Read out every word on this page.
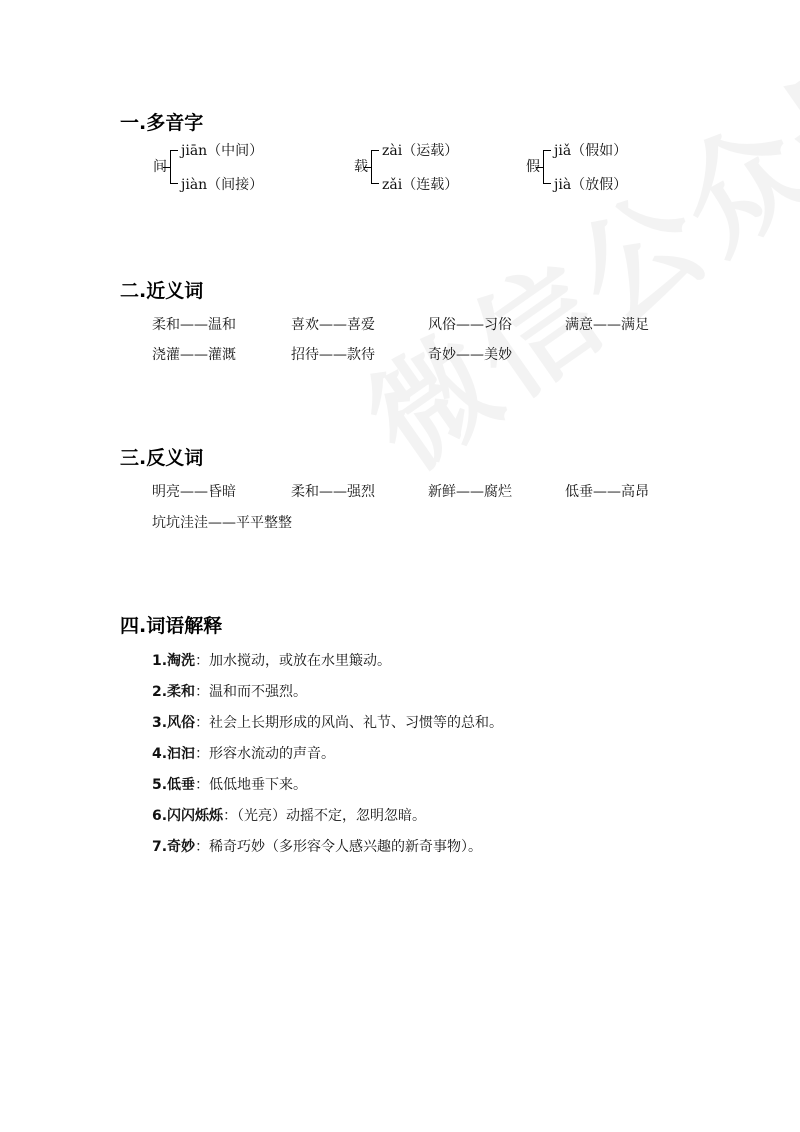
一.多音字
间
jiān（中间）
jiàn（间接）
载
zài（运载）
zǎi（连载）
假
jiǎ（假如）
jià（放假）
二.近义词
柔和——温和	喜欢——喜爱	风俗——习俗	满意——满足
浇灌——灌溉	招待——款待	奇妙——美妙
三.反义词
明亮——昏暗	柔和——强烈	新鲜——腐烂	低垂——高昂
坑坑洼洼——平平整整
四.词语解释
1.淘洗：加水搅动，或放在水里簸动。
2.柔和：温和而不强烈。
3.风俗：社会上长期形成的风尚、礼节、习惯等的总和。
4.汩汩：形容水流动的声音。
5.低垂：低低地垂下来。
6.闪闪烁烁：（光亮）动摇不定，忽明忽暗。
7.奇妙：稀奇巧妙（多形容令人感兴趣的新奇事物）。
